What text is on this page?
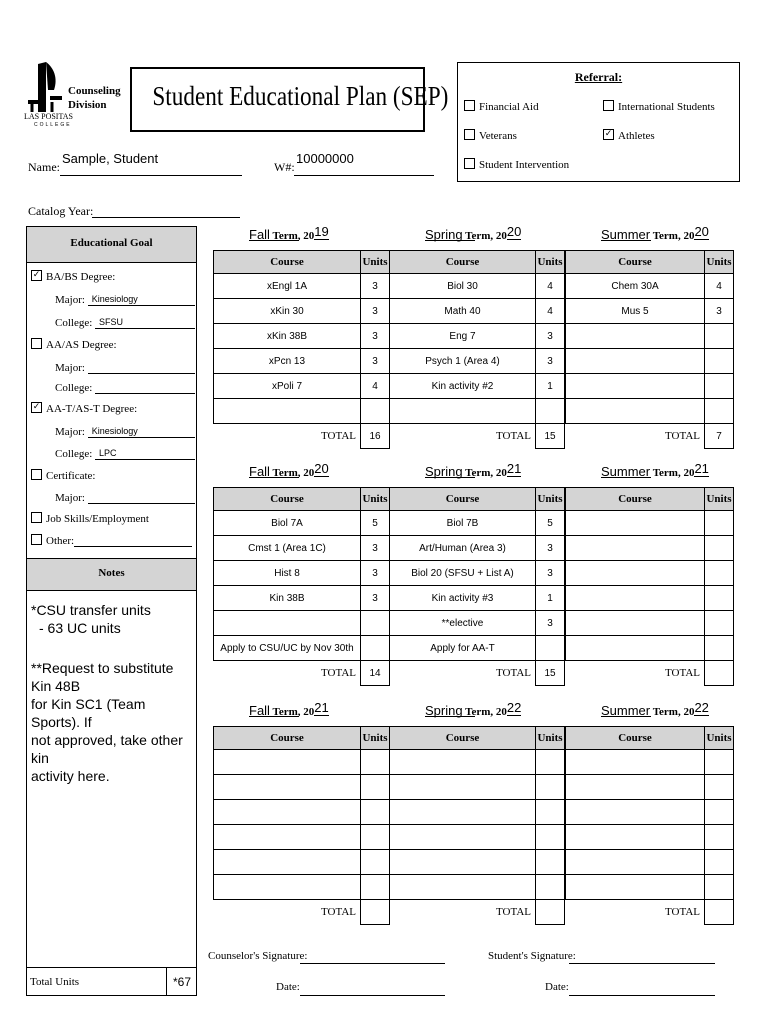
LAS POSITAS
COLLEGE
Counseling Division	Student Educational Plan (SEP)
Referral:
Financial Aid	International Students
Veterans ✓	Athletes
Student Intervention
Name:
Sample, Student
W#:
10000000
Catalog Year:
Educational Goal
✓BA/BS Degree:
Major: Kinesiology
College: SFSU
AA/AS Degree:
Major:
College:
✓AA-T/AS-T Degree:
Major: Kinesiology
College: LPC
Certificate:
Major:
Job Skills/Employment
Other:
Notes
*CSU transfer units
- 63 UC units
**Request to substitute Kin 48B
for Kin SC1 (Team Sports). If
not approved, take other kin
activity here.
Total Units	*67
Fall Term, 2019
Course	Units
xEngl 1A	3
xKin 30	3
xKin 38B	3
xPcn 13	3
xPoli 7	4

TOTAL	16
Spring Term, 2020
Course	Units
Biol 30	4
Math 40	4
Eng 7	3
Psych 1 (Area 4)	3
Kin activity #2	1

TOTAL	15
Summer Term, 2020
Course	Units
Chem 30A	4
Mus 5	3

TOTAL	7
Fall Term, 2020
Course	Units
Biol 7A	5
Cmst 1 (Area 1C)	3
Hist 8	3
Kin 38B	3

Apply to CSU/UC by Nov 30th	
TOTAL	14
Spring Term, 2021
Course	Units
Biol 7B	5
Art/Human (Area 3)	3
Biol 20 (SFSU + List A)	3
Kin activity #3	1
**elective	3
Apply for AA-T	
TOTAL	15
Summer Term, 2021
Course	Units

TOTAL	
Fall Term, 2021
Course	Units

TOTAL	
Spring Term, 2022
Course	Units

TOTAL	
Summer Term, 2022
Course	Units

TOTAL	
Counselor's Signature:	Student's Signature:
Date:	Date:
